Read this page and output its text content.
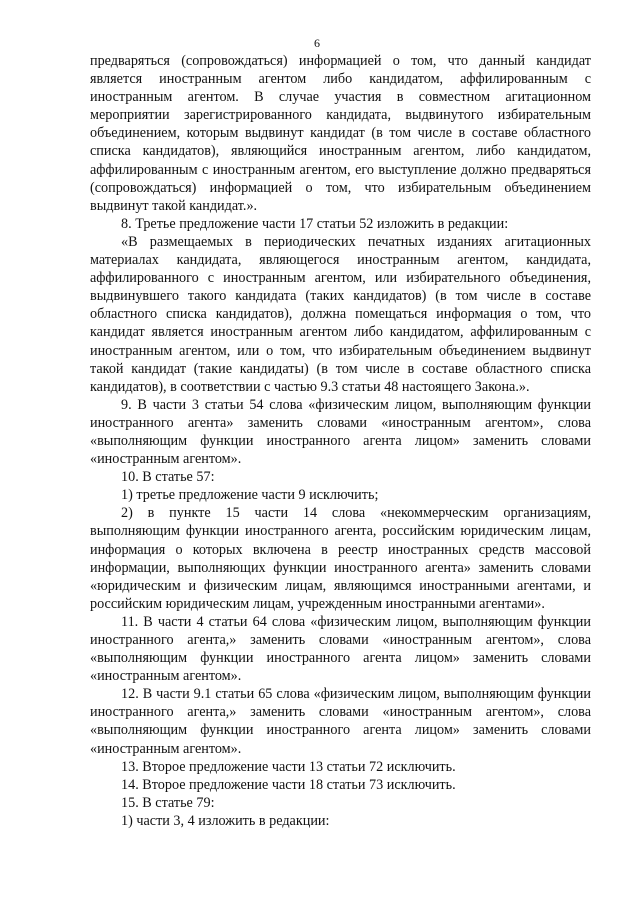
6

предваряться (сопровождаться) информацией о том, что данный кандидат является иностранным агентом либо кандидатом, аффилированным с иностранным агентом. В случае участия в совместном агитационном мероприятии зарегистрированного кандидата, выдвинутого избирательным объединением, которым выдвинут кандидат (в том числе в составе областного списка кандидатов), являющийся иностранным агентом, либо кандидатом, аффилированным с иностранным агентом, его выступление должно предваряться (сопровождаться) информацией о том, что избирательным объединением выдвинут такой кандидат.».

8. Третье предложение части 17 статьи 52 изложить в редакции:

«В размещаемых в периодических печатных изданиях агитационных материалах кандидата, являющегося иностранным агентом, кандидата, аффилированного с иностранным агентом, или избирательного объединения, выдвинувшего такого кандидата (таких кандидатов) (в том числе в составе областного списка кандидатов), должна помещаться информация о том, что кандидат является иностранным агентом либо кандидатом, аффилированным с иностранным агентом, или о том, что избирательным объединением выдвинут такой кандидат (такие кандидаты) (в том числе в составе областного списка кандидатов), в соответствии с частью 9.3 статьи 48 настоящего Закона.».

9. В части 3 статьи 54 слова «физическим лицом, выполняющим функции иностранного агента» заменить словами «иностранным агентом», слова «выполняющим функции иностранного агента лицом» заменить словами «иностранным агентом».

10. В статье 57:

1) третье предложение части 9 исключить;

2) в пункте 15 части 14 слова «некоммерческим организациям, выполняющим функции иностранного агента, российским юридическим лицам, информация о которых включена в реестр иностранных средств массовой информации, выполняющих функции иностранного агента» заменить словами «юридическим и физическим лицам, являющимся иностранными агентами, и российским юридическим лицам, учрежденным иностранными агентами».

11. В части 4 статьи 64 слова «физическим лицом, выполняющим функции иностранного агента,» заменить словами «иностранным агентом», слова «выполняющим функции иностранного агента лицом» заменить словами «иностранным агентом».

12. В части 9.1 статьи 65 слова «физическим лицом, выполняющим функции иностранного агента,» заменить словами «иностранным агентом», слова «выполняющим функции иностранного агента лицом» заменить словами «иностранным агентом».

13. Второе предложение части 13 статьи 72 исключить.

14. Второе предложение части 18 статьи 73 исключить.

15. В статье 79:

1) части 3, 4 изложить в редакции:
